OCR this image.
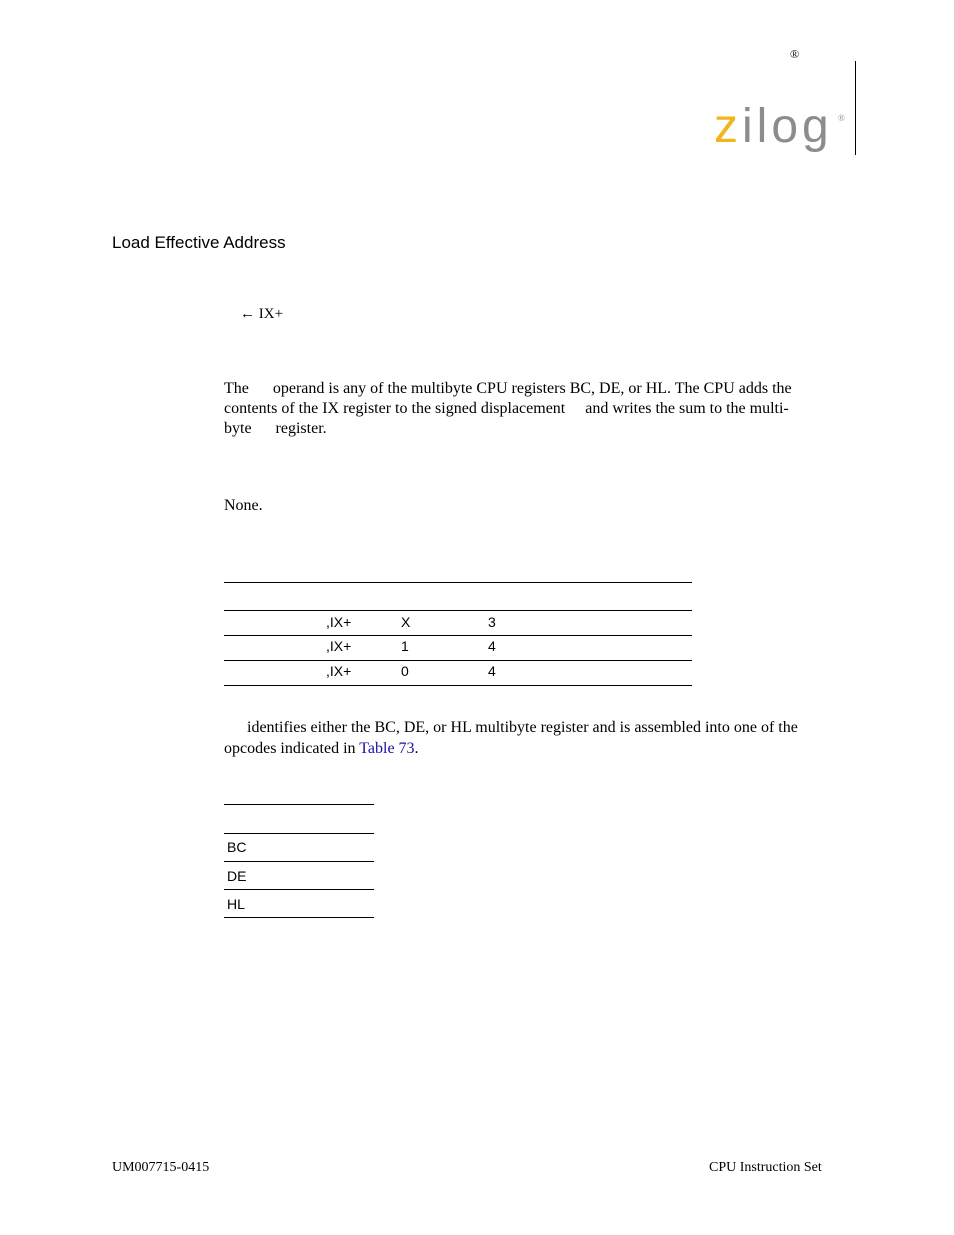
®
zilog ®
Load Effective Address
← IX+
The      operand is any of the multibyte CPU registers BC, DE, or HL. The CPU adds the
contents of the IX register to the signed displacement     and writes the sum to the multi-
byte      register.
None.
,IX+	X	3
,IX+	1	4
,IX+	0	4
identifies either the BC, DE, or HL multibyte register and is assembled into one of the
opcodes indicated in Table 73.
BC
DE
HL
UM007715-0415	CPU Instruction Set
